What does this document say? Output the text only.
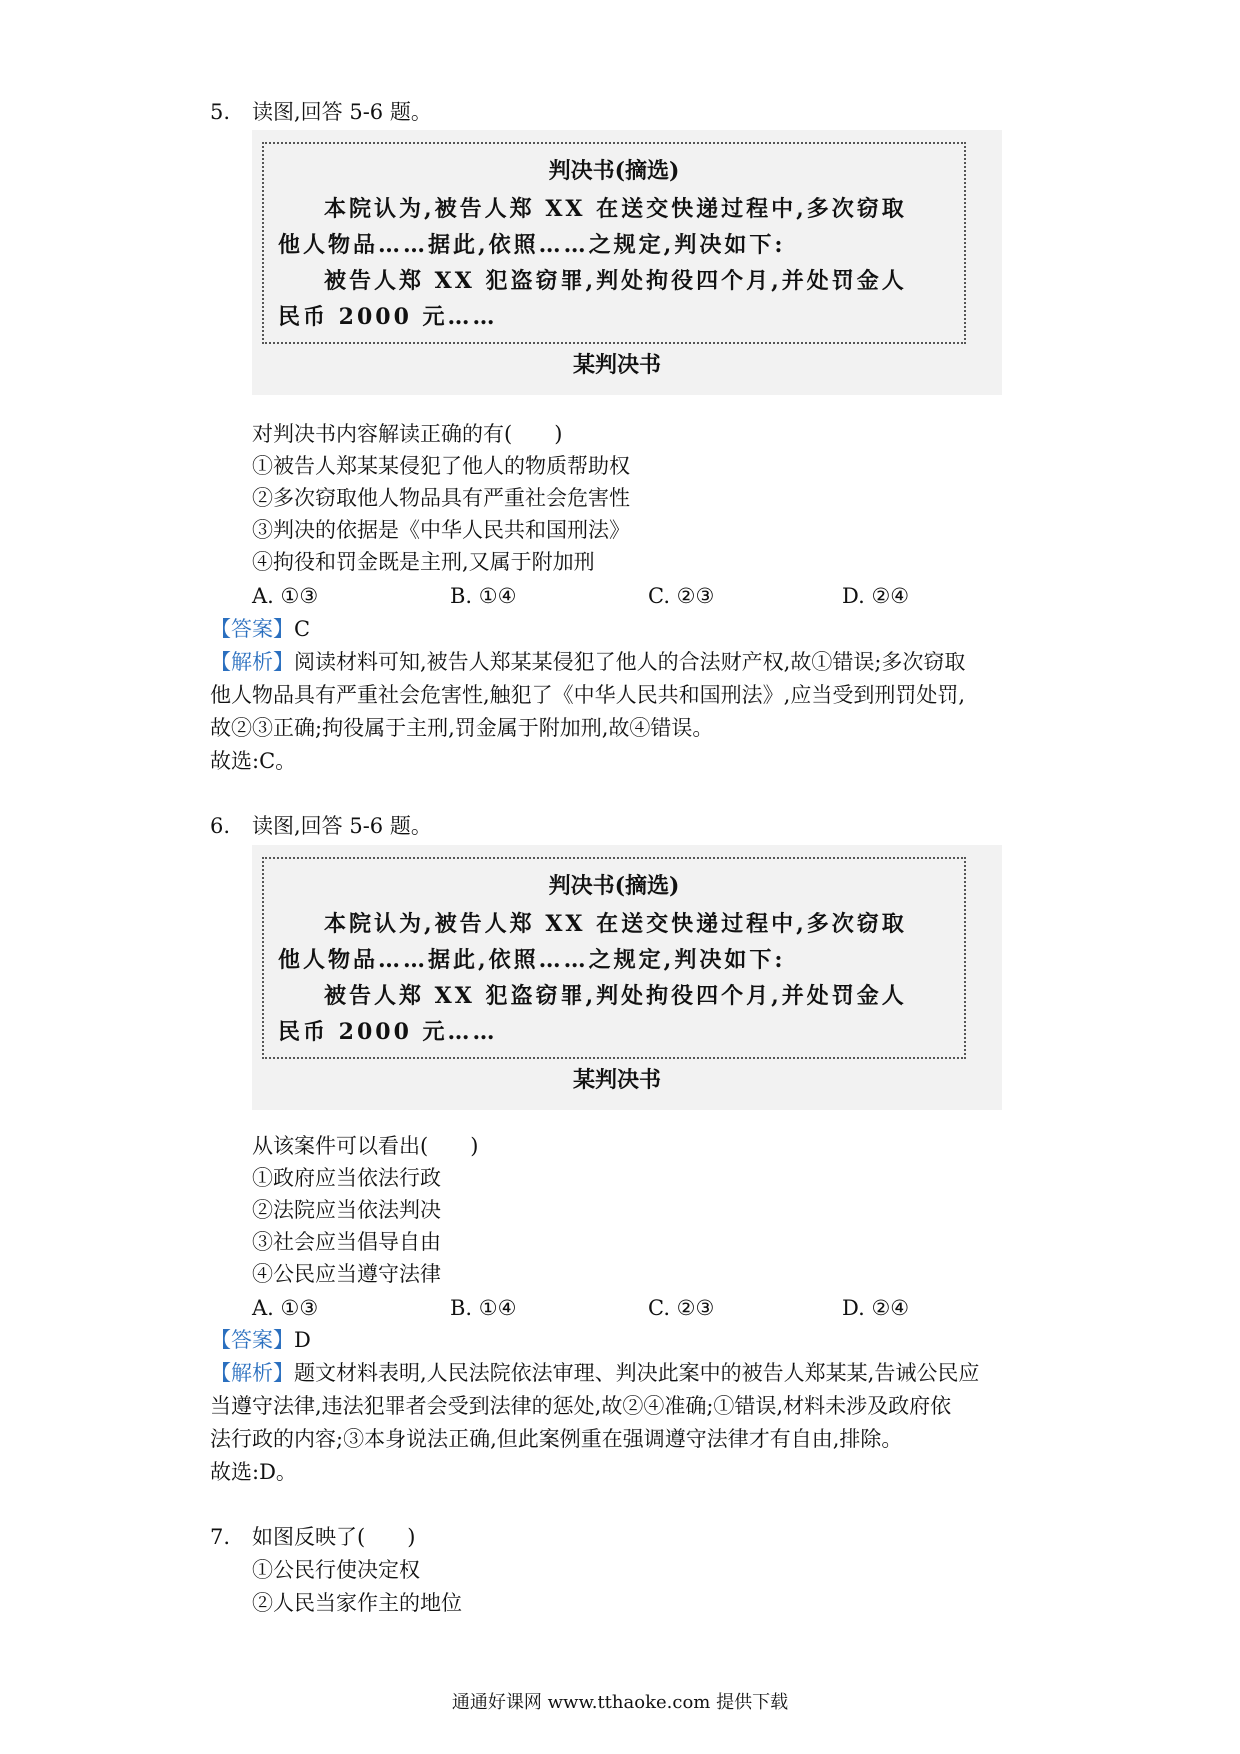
5. 读图,回答 5-6 题。
判决书(摘选)
本院认为,被告人郑 XX 在送交快递过程中,多次窃取
他人物品……据此,依照……之规定,判决如下:
被告人郑 XX 犯盗窃罪,判处拘役四个月,并处罚金人
民币 2000 元……
某判决书
对判决书内容解读正确的有(　　)
①被告人郑某某侵犯了他人的物质帮助权
②多次窃取他人物品具有严重社会危害性
③判决的依据是《中华人民共和国刑法》
④拘役和罚金既是主刑,又属于附加刑
A. ①③	B. ①④	C. ②③	D. ②④
【答案】C
【解析】阅读材料可知,被告人郑某某侵犯了他人的合法财产权,故①错误;多次窃取
他人物品具有严重社会危害性,触犯了《中华人民共和国刑法》,应当受到刑罚处罚,
故②③正确;拘役属于主刑,罚金属于附加刑,故④错误。
故选:C。
6. 读图,回答 5-6 题。
判决书(摘选)
本院认为,被告人郑 XX 在送交快递过程中,多次窃取
他人物品……据此,依照……之规定,判决如下:
被告人郑 XX 犯盗窃罪,判处拘役四个月,并处罚金人
民币 2000 元……
某判决书
从该案件可以看出(　　)
①政府应当依法行政
②法院应当依法判决
③社会应当倡导自由
④公民应当遵守法律
A. ①③	B. ①④	C. ②③	D. ②④
【答案】D
【解析】题文材料表明,人民法院依法审理、判决此案中的被告人郑某某,告诫公民应
当遵守法律,违法犯罪者会受到法律的惩处,故②④准确;①错误,材料未涉及政府依
法行政的内容;③本身说法正确,但此案例重在强调遵守法律才有自由,排除。
故选:D。
7. 如图反映了(　　)
①公民行使决定权
②人民当家作主的地位
通通好课网 www.tthaoke.com 提供下载
